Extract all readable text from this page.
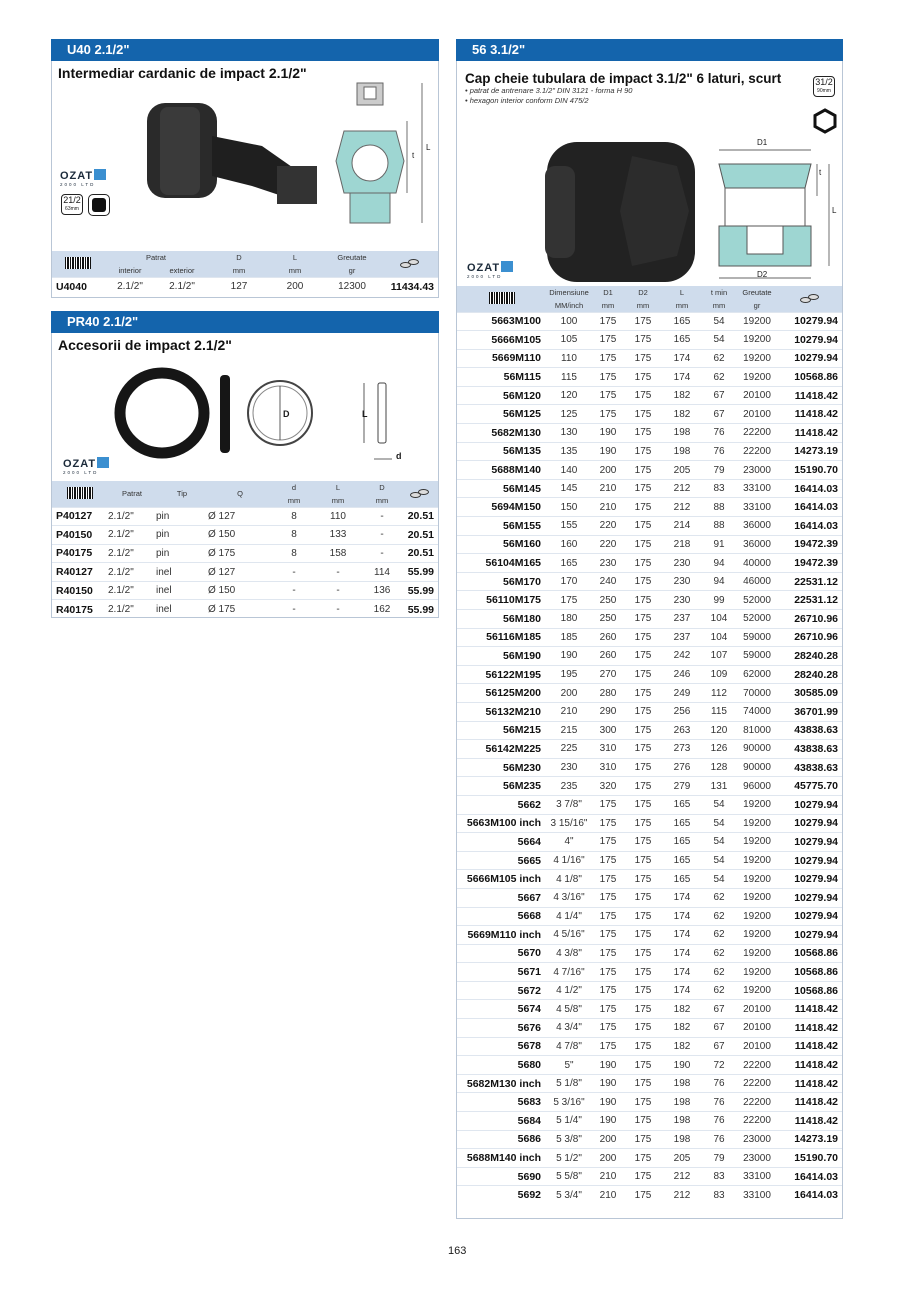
U40 2.1/2"
Intermediar cardanic de impact 2.1/2"
t
L
OZAT
2000 LTD
21/2
63mm
	Patrat		D	L	Greutate	

	interior	exterior	mm	mm	gr	
U4040	2.1/2"	2.1/2"	127	200	12300	11434.43
PR40 2.1/2"
Accesorii de impact 2.1/2"
D	L
d
OZAT
2000 LTD
	Patrat	Tip	Q	d	L	D	

				mm	mm	mm	
P40127	2.1/2"	pin	Ø 127	8	110	-	20.51
P40150	2.1/2"	pin	Ø 150	8	133	-	20.51
P40175	2.1/2"	pin	Ø 175	8	158	-	20.51
R40127	2.1/2"	inel	Ø 127	-	-	114	55.99
R40150	2.1/2"	inel	Ø 150	-	-	136	55.99
R40175	2.1/2"	inel	Ø 175	-	-	162	55.99
56 3.1/2"
Cap cheie tubulara de impact 3.1/2" 6 laturi, scurt
• patrat de antrenare 3.1/2" DIN 3121 - forma H 90
• hexagon interior conform DIN 475/2
31/2
90mm
D1
D2
t
L
OZAT
2000 LTD
	Dimensiune	D1	D2	L	t min	Greutate	

	MM/inch	mm	mm	mm	mm	gr	
5663M100	100	175	175	165	54	19200	10279.94
5666M105	105	175	175	165	54	19200	10279.94
5669M110	110	175	175	174	62	19200	10279.94
56M115	115	175	175	174	62	19200	10568.86
56M120	120	175	175	182	67	20100	11418.42
56M125	125	175	175	182	67	20100	11418.42
5682M130	130	190	175	198	76	22200	11418.42
56M135	135	190	175	198	76	22200	14273.19
5688M140	140	200	175	205	79	23000	15190.70
56M145	145	210	175	212	83	33100	16414.03
5694M150	150	210	175	212	88	33100	16414.03
56M155	155	220	175	214	88	36000	16414.03
56M160	160	220	175	218	91	36000	19472.39
56104M165	165	230	175	230	94	40000	19472.39
56M170	170	240	175	230	94	46000	22531.12
56110M175	175	250	175	230	99	52000	22531.12
56M180	180	250	175	237	104	52000	26710.96
56116M185	185	260	175	237	104	59000	26710.96
56M190	190	260	175	242	107	59000	28240.28
56122M195	195	270	175	246	109	62000	28240.28
56125M200	200	280	175	249	112	70000	30585.09
56132M210	210	290	175	256	115	74000	36701.99
56M215	215	300	175	263	120	81000	43838.63
56142M225	225	310	175	273	126	90000	43838.63
56M230	230	310	175	276	128	90000	43838.63
56M235	235	320	175	279	131	96000	45775.70
5662	3 7/8"	175	175	165	54	19200	10279.94
5663M100 inch	3 15/16"	175	175	165	54	19200	10279.94
5664	4"	175	175	165	54	19200	10279.94
5665	4 1/16"	175	175	165	54	19200	10279.94
5666M105 inch	4 1/8"	175	175	165	54	19200	10279.94
5667	4 3/16"	175	175	174	62	19200	10279.94
5668	4 1/4"	175	175	174	62	19200	10279.94
5669M110 inch	4 5/16"	175	175	174	62	19200	10279.94
5670	4 3/8"	175	175	174	62	19200	10568.86
5671	4 7/16"	175	175	174	62	19200	10568.86
5672	4 1/2"	175	175	174	62	19200	10568.86
5674	4 5/8"	175	175	182	67	20100	11418.42
5676	4 3/4"	175	175	182	67	20100	11418.42
5678	4 7/8"	175	175	182	67	20100	11418.42
5680	5"	190	175	190	72	22200	11418.42
5682M130 inch	5 1/8"	190	175	198	76	22200	11418.42
5683	5 3/16"	190	175	198	76	22200	11418.42
5684	5 1/4"	190	175	198	76	22200	11418.42
5686	5 3/8"	200	175	198	76	23000	14273.19
5688M140 inch	5 1/2"	200	175	205	79	23000	15190.70
5690	5 5/8"	210	175	212	83	33100	16414.03
5692	5 3/4"	210	175	212	83	33100	16414.03
163
